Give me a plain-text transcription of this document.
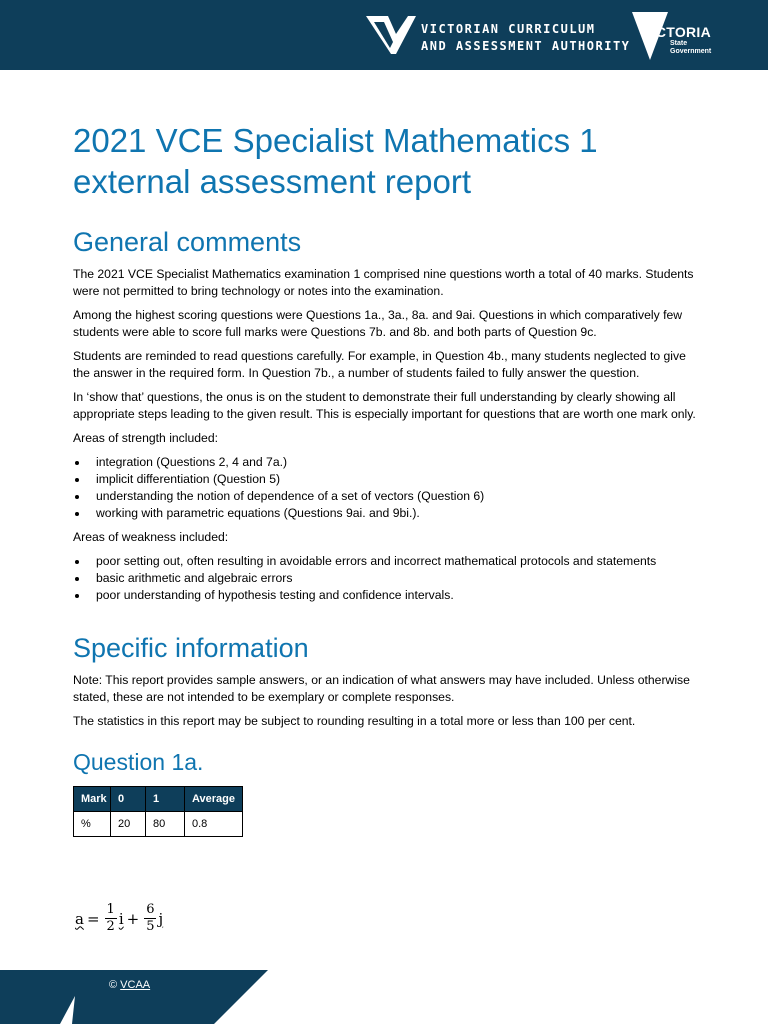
VICTORIAN CURRICULUM
AND ASSESSMENT AUTHORITY
VICTORIA
State
Government
2021 VCE Specialist Mathematics 1
external assessment report
General comments

The 2021 VCE Specialist Mathematics examination 1 comprised nine questions worth a total of 40 marks. Students were not permitted to bring technology or notes into the examination.

Among the highest scoring questions were Questions 1a., 3a., 8a. and 9ai. Questions in which comparatively few students were able to score full marks were Questions 7b. and 8b. and both parts of Question 9c.

Students are reminded to read questions carefully. For example, in Question 4b., many students neglected to give the answer in the required form. In Question 7b., a number of students failed to fully answer the question.

In ‘show that’ questions, the onus is on the student to demonstrate their full understanding by clearly showing all appropriate steps leading to the given result. This is especially important for questions that are worth one mark only.

Areas of strength included:

integration (Questions 2, 4 and 7a.)
implicit differentiation (Question 5)
understanding the notion of dependence of a set of vectors (Question 6)
working with parametric equations (Questions 9ai. and 9bi.).

Areas of weakness included:

poor setting out, often resulting in avoidable errors and incorrect mathematical protocols and statements
basic arithmetic and algebraic errors
poor understanding of hypothesis testing and confidence intervals.
Specific information

Note: This report provides sample answers, or an indication of what answers may have included. Unless otherwise stated, these are not intended to be exemplary or complete responses.

The statistics in this report may be subject to rounding resulting in a total more or less than 100 per cent.

Question 1a.
Mark	0	1	Average
%	20	80	0.8
$a = \frac{1}{2}$ $i + \frac{6}{5}$ j
© VCAA
